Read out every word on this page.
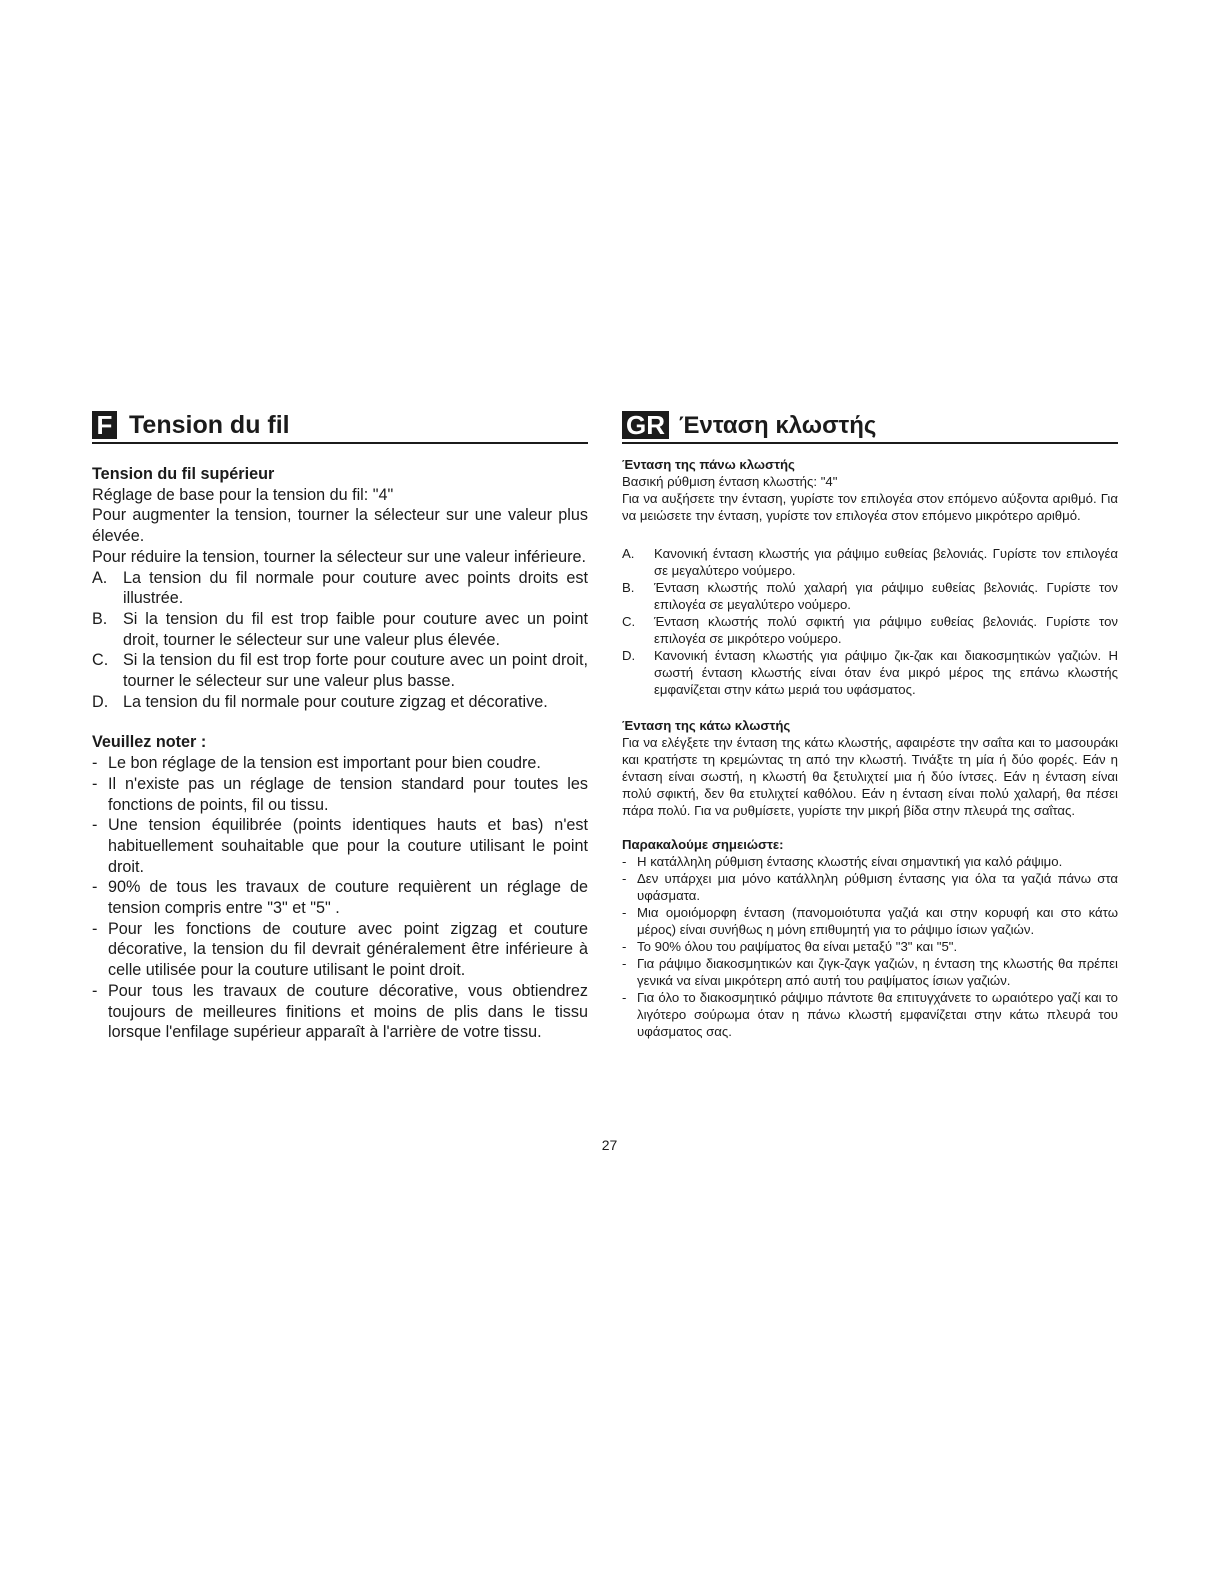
F Tension du fil
Tension du fil supérieur

Réglage de base pour la tension du fil: "4"

Pour augmenter la tension, tourner la sélecteur sur une valeur plus élevée.

Pour réduire la tension, tourner la sélecteur sur une valeur inférieure.

A. La tension du fil normale pour couture avec points droits est illustrée.
B. Si la tension du fil est trop faible pour couture avec un point droit, tourner le sélecteur sur une valeur plus élevée.
C. Si la tension du fil est trop forte pour couture avec un point droit, tourner le sélecteur sur une valeur plus basse.
D. La tension du fil normale pour couture zigzag et décorative.
Veuillez noter :
- Le bon réglage de la tension est important pour bien coudre.
- Il n'existe pas un réglage de tension standard pour toutes les fonctions de points, fil ou tissu.
- Une tension équilibrée (points identiques hauts et bas) n'est habituellement souhaitable que pour la couture utilisant le point droit.
- 90% de tous les travaux de couture requièrent un réglage de tension compris entre "3" et "5" .
- Pour les fonctions de couture avec point zigzag et couture décorative, la tension du fil devrait généralement être inférieure à celle utilisée pour la couture utilisant le point droit.
- Pour tous les travaux de couture décorative, vous obtiendrez toujours de meilleures finitions et moins de plis dans le tissu lorsque l'enfilage supérieur apparaît à l'arrière de votre tissu.
GR Ένταση κλωστής
Ένταση της πάνω κλωστής

Βασική ρύθμιση ένταση κλωστής: "4"

Για να αυξήσετε την ένταση, γυρίστε τον επιλογέα στον επόμενο αύξοντα αριθμό. Για να μειώσετε την ένταση, γυρίστε τον επιλογέα στον επόμενο μικρότερο αριθμό.

A.	Κανονική ένταση κλωστής για ράψιμο ευθείας βελονιάς. Γυρίστε τον επιλογέα σε μεγαλύτερο νούμερο.
B.	Ένταση κλωστής πολύ χαλαρή για ράψιμο ευθείας βελονιάς. Γυρίστε τον επιλογέα σε μεγαλύτερο νούμερο.
C.	Ένταση κλωστής πολύ σφικτή για ράψιμο ευθείας βελονιάς. Γυρίστε τον επιλογέα σε μικρότερο νούμερο.
D.	Κανονική ένταση κλωστής για ράψιμο ζικ-ζακ και διακοσμητικών γαζιών. Η σωστή ένταση κλωστής είναι όταν ένα μικρό μέρος της επάνω κλωστής εμφανίζεται στην κάτω μεριά του υφάσματος.
Ένταση της κάτω κλωστής

Για να ελέγξετε την ένταση της κάτω κλωστής, αφαιρέστε την σαΐτα και το μασουράκι και κρατήστε τη κρεμώντας τη από την κλωστή. Τινάξτε τη μία ή δύο φορές. Εάν η ένταση είναι σωστή, η κλωστή θα ξετυλιχτεί μια ή δύο ίντσες. Εάν η ένταση είναι πολύ σφικτή, δεν θα ετυλιχτεί καθόλου. Εάν η ένταση είναι πολύ χαλαρή, θα πέσει πάρα πολύ. Για να ρυθμίσετε, γυρίστε την μικρή βίδα στην πλευρά της σαΐτας.

Παρακαλούμε σημειώστε:
- Η κατάλληλη ρύθμιση έντασης κλωστής είναι σημαντική για καλό ράψιμο.
- Δεν υπάρχει μια μόνο κατάλληλη ρύθμιση έντασης για όλα τα γαζιά πάνω στα υφάσματα.
- Μια ομοιόμορφη ένταση (πανομοιότυπα γαζιά και στην κορυφή και στο κάτω μέρος) είναι συνήθως η μόνη επιθυμητή για το ράψιμο ίσιων γαζιών.
- Το 90% όλου του ραψίματος θα είναι μεταξύ "3" και "5".
- Για ράψιμο διακοσμητικών και ζιγκ-ζαγκ γαζιών, η ένταση της κλωστής θα πρέπει γενικά να είναι μικρότερη από αυτή του ραψίματος ίσιων γαζιών.
- Για όλο το διακοσμητικό ράψιμο πάντοτε θα επιτυγχάνετε το ωραιότερο γαζί και το λιγότερο σούρωμα όταν η πάνω κλωστή εμφανίζεται στην κάτω πλευρά του υφάσματος σας.
27
